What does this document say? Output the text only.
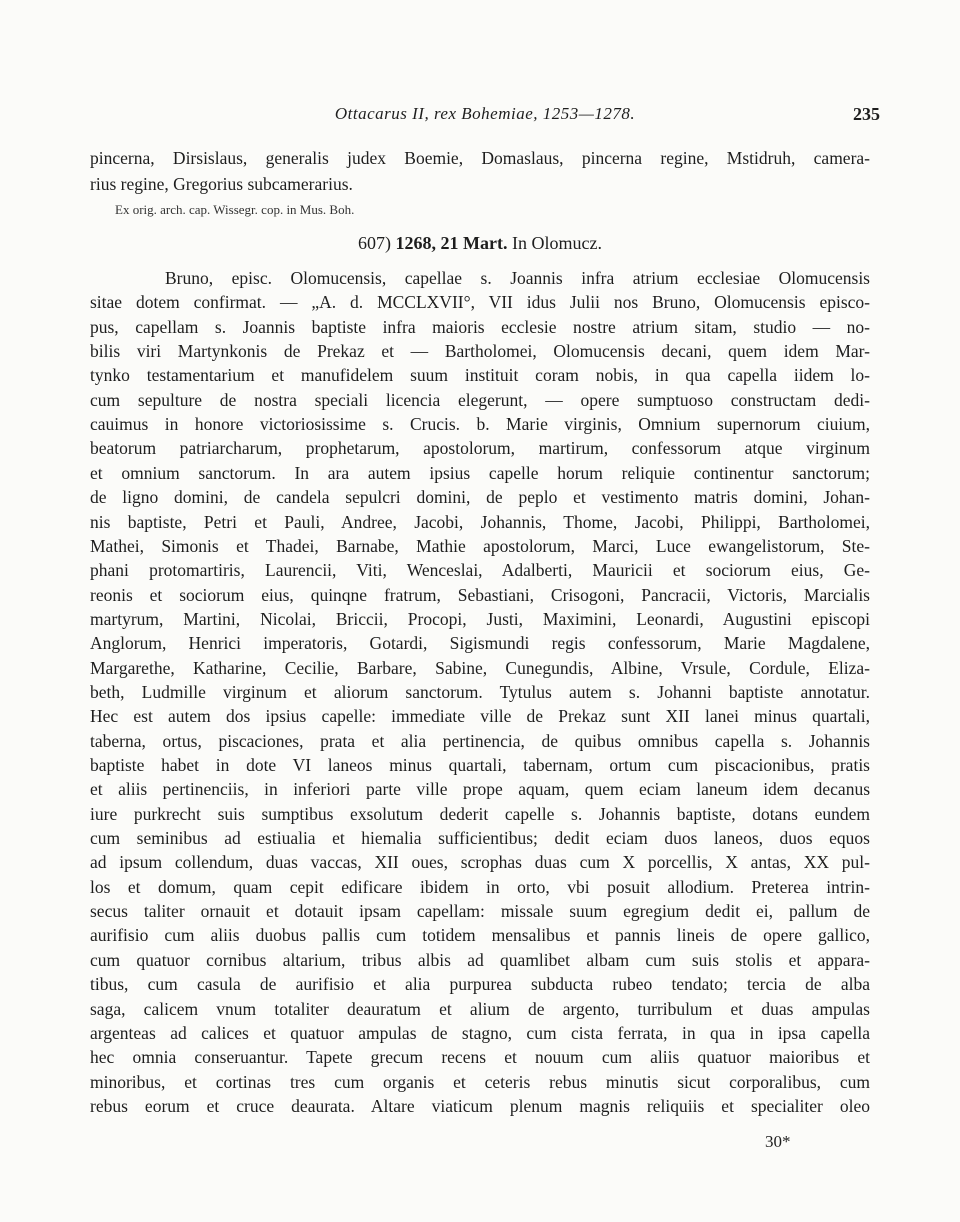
Ottacarus II, rex Bohemiae, 1253—1278.	235
pincerna, Dirsislaus, generalis judex Boemie, Domaslaus, pincerna regine, Mstidruh, camera-
rius regine, Gregorius subcamerarius.
Ex orig. arch. cap. Wissegr. cop. in Mus. Boh.
607) 1268, 21 Mart. In Olomucz.
Bruno, episc. Olomucensis, capellae s. Joannis infra atrium ecclesiae Olomucensis
sitae dotem confirmat. — „A. d. MCCLXVII°, VII idus Julii nos Bruno, Olomucensis episco-
pus, capellam s. Joannis baptiste infra maioris ecclesie nostre atrium sitam, studio — no-
bilis viri Martynkonis de Prekaz et — Bartholomei, Olomucensis decani, quem idem Mar-
tynko testamentarium et manufidelem suum instituit coram nobis, in qua capella iidem lo-
cum sepulture de nostra speciali licencia elegerunt, — opere sumptuoso constructam dedi-
cauimus in honore victoriosissime s. Crucis. b. Marie virginis, Omnium supernorum ciuium,
beatorum patriarcharum, prophetarum, apostolorum, martirum, confessorum atque virginum
et omnium sanctorum. In ara autem ipsius capelle horum reliquie continentur sanctorum;
de ligno domini, de candela sepulcri domini, de peplo et vestimento matris domini, Johan-
nis baptiste, Petri et Pauli, Andree, Jacobi, Johannis, Thome, Jacobi, Philippi, Bartholomei,
Mathei, Simonis et Thadei, Barnabe, Mathie apostolorum, Marci, Luce ewangelistorum, Ste-
phani protomartiris, Laurencii, Viti, Wenceslai, Adalberti, Mauricii et sociorum eius, Ge-
reonis et sociorum eius, quinqne fratrum, Sebastiani, Crisogoni, Pancracii, Victoris, Marcialis
martyrum, Martini, Nicolai, Briccii, Procopi, Justi, Maximini, Leonardi, Augustini episcopi
Anglorum, Henrici imperatoris, Gotardi, Sigismundi regis confessorum, Marie Magdalene,
Margarethe, Katharine, Cecilie, Barbare, Sabine, Cunegundis, Albine, Vrsule, Cordule, Eliza-
beth, Ludmille virginum et aliorum sanctorum. Tytulus autem s. Johanni baptiste annotatur.
Hec est autem dos ipsius capelle: immediate ville de Prekaz sunt XII lanei minus quartali,
taberna, ortus, piscaciones, prata et alia pertinencia, de quibus omnibus capella s. Johannis
baptiste habet in dote VI laneos minus quartali, tabernam, ortum cum piscacionibus, pratis
et aliis pertinenciis, in inferiori parte ville prope aquam, quem eciam laneum idem decanus
iure purkrecht suis sumptibus exsolutum dederit capelle s. Johannis baptiste, dotans eundem
cum seminibus ad estiualia et hiemalia sufficientibus; dedit eciam duos laneos, duos equos
ad ipsum collendum, duas vaccas, XII oues, scrophas duas cum X porcellis, X antas, XX pul-
los et domum, quam cepit edificare ibidem in orto, vbi posuit allodium. Preterea intrin-
secus taliter ornauit et dotauit ipsam capellam: missale suum egregium dedit ei, pallum de
aurifisio cum aliis duobus pallis cum totidem mensalibus et pannis lineis de opere gallico,
cum quatuor cornibus altarium, tribus albis ad quamlibet albam cum suis stolis et appara-
tibus, cum casula de aurifisio et alia purpurea subducta rubeo tendato; tercia de alba
saga, calicem vnum totaliter deauratum et alium de argento, turribulum et duas ampulas
argenteas ad calices et quatuor ampulas de stagno, cum cista ferrata, in qua in ipsa capella
hec omnia conseruantur. Tapete grecum recens et nouum cum aliis quatuor maioribus et
minoribus, et cortinas tres cum organis et ceteris rebus minutis sicut corporalibus, cum
rebus eorum et cruce deaurata. Altare viaticum plenum magnis reliquiis et specialiter oleo
30*
